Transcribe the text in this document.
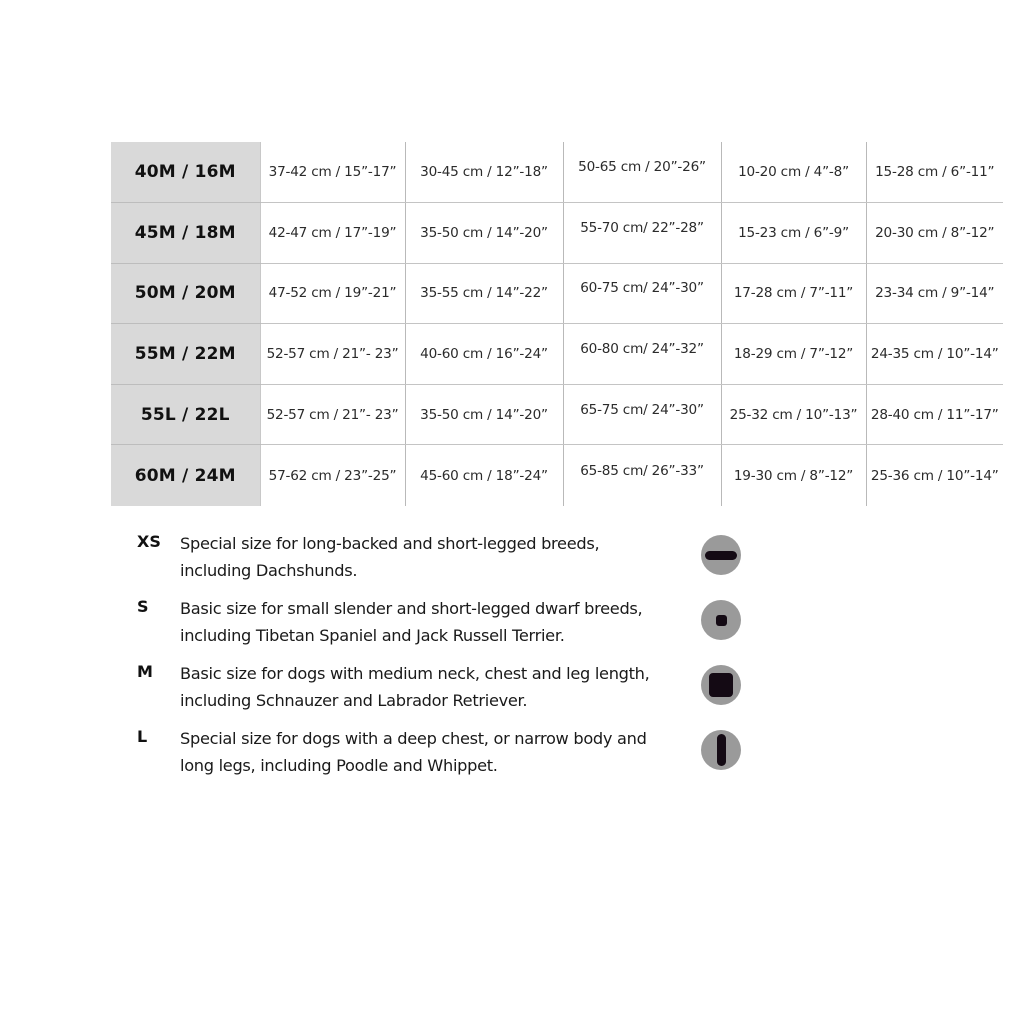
40M / 16M	37-42 cm / 15”-17”	30-45 cm / 12”-18”	50-65 cm / 20”-26”	10-20 cm / 4”-8”	15-28 cm / 6”-11”
45M / 18M	42-47 cm / 17”-19”	35-50 cm / 14”-20”	55-70 cm/ 22”-28”	15-23 cm / 6”-9”	20-30 cm / 8”-12”
50M / 20M	47-52 cm / 19”-21”	35-55 cm / 14”-22”	60-75 cm/ 24”-30”	17-28 cm / 7”-11”	23-34 cm / 9”-14”
55M / 22M	52-57 cm / 21”- 23”	40-60 cm / 16”-24”	60-80 cm/ 24”-32”	18-29 cm / 7”-12”	24-35 cm / 10”-14”
55L / 22L	52-57 cm / 21”- 23”	35-50 cm / 14”-20”	65-75 cm/ 24”-30”	25-32 cm / 10”-13”	28-40 cm / 11”-17”
60M / 24M	57-62 cm / 23”-25”	45-60 cm / 18”-24”	65-85 cm/ 26”-33”	19-30 cm / 8”-12”	25-36 cm / 10”-14”
XS Special size for long-backed and short-legged breeds,
including Dachshunds.
S Basic size for small slender and short-legged dwarf breeds,
including Tibetan Spaniel and Jack Russell Terrier.
M Basic size for dogs with medium neck, chest and leg length,
including Schnauzer and Labrador Retriever.
L Special size for dogs with a deep chest, or narrow body and
long legs, including Poodle and Whippet.
